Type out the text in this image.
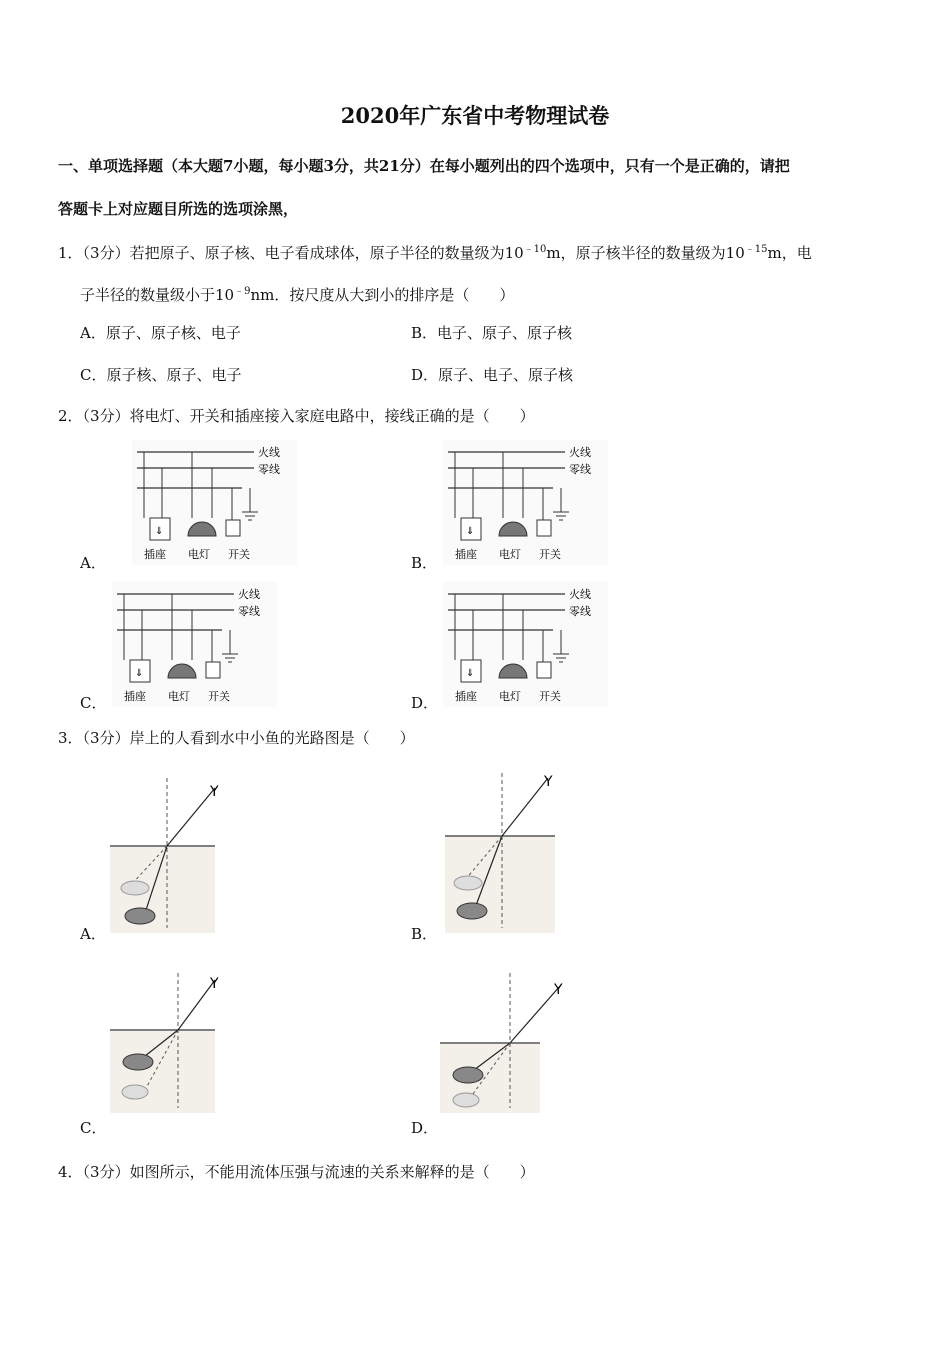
2020年广东省中考物理试卷
一、单项选择题（本大题7小题，每小题3分，共21分）在每小题列出的四个选项中，只有一个是正确的，请把
答题卡上对应题目所选的选项涂黑，
1．（3分）若把原子、原子核、电子看成球体，原子半径的数量级为$10^{﹣10}m$，原子核半径的数量级为$10^{﹣15}m$，电
子半径的数量级小于$10^{﹣9}nm$．按尺度从大到小的排序是（　　）
A．原子、原子核、电子	B．电子、原子、原子核
C．原子核、原子、电子	D．原子、电子、原子核
2．（3分）将电灯、开关和插座接入家庭电路中，接线正确的是（　　）
A．	B．
C．	D．
火线
零线
⇓
插座 电灯 开关
火线
零线
⇓
插座 电灯 开关
火线
零线
⇓
插座 电灯 开关
火线
零线
⇓
插座 电灯 开关
3．（3分）岸上的人看到水中小鱼的光路图是（　　）
A．	B．
C．	D．
Y
Y
Y	Y
4．（3分）如图所示，不能用流体压强与流速的关系来解释的是（　　）
